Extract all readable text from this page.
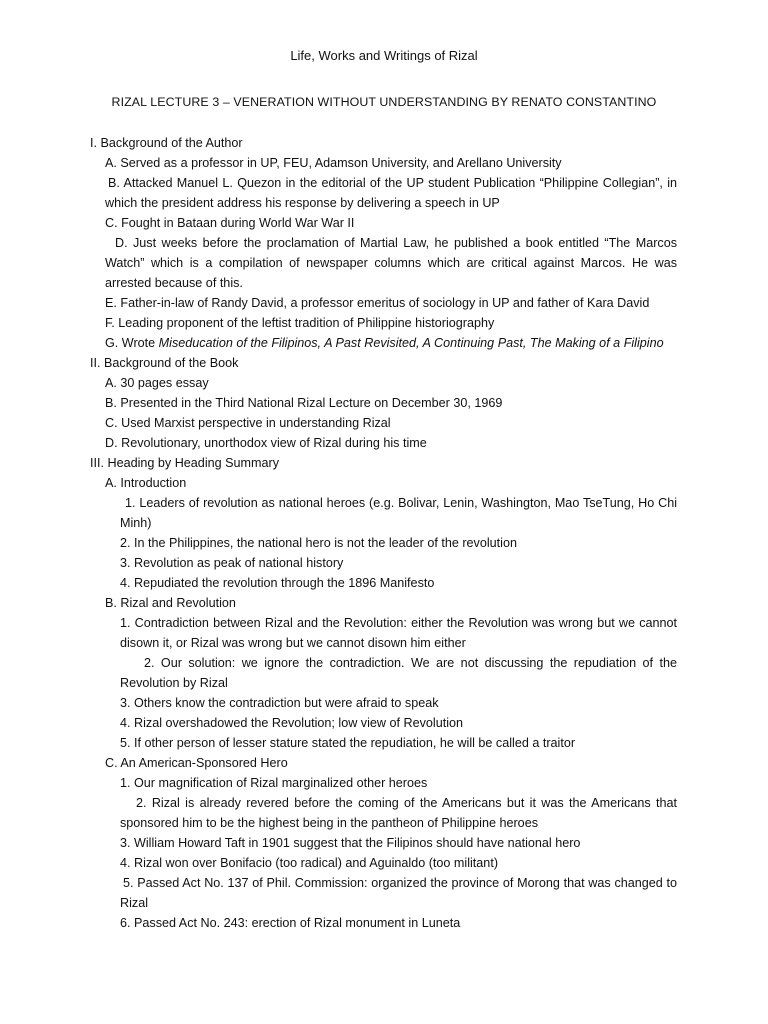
Life, Works and Writings of Rizal
RIZAL LECTURE 3 – VENERATION WITHOUT UNDERSTANDING BY RENATO CONSTANTINO
I. Background of the Author
A. Served as a professor in UP, FEU, Adamson University, and Arellano University
B. Attacked Manuel L. Quezon in the editorial of the UP student Publication “Philippine Collegian”, in which the president address his response by delivering a speech in UP
C. Fought in Bataan during World War War II
D. Just weeks before the proclamation of Martial Law, he published a book entitled “The Marcos Watch” which is a compilation of newspaper columns which are critical against Marcos. He was arrested because of this.
E. Father-in-law of Randy David, a professor emeritus of sociology in UP and father of Kara David
F. Leading proponent of the leftist tradition of Philippine historiography
G. Wrote Miseducation of the Filipinos, A Past Revisited, A Continuing Past, The Making of a Filipino
II. Background of the Book
A. 30 pages essay
B. Presented in the Third National Rizal Lecture on December 30, 1969
C. Used Marxist perspective in understanding Rizal
D. Revolutionary, unorthodox view of Rizal during his time
III. Heading by Heading Summary
A. Introduction
1. Leaders of revolution as national heroes (e.g. Bolivar, Lenin, Washington, Mao TseTung, Ho Chi Minh)
2. In the Philippines, the national hero is not the leader of the revolution
3. Revolution as peak of national history
4. Repudiated the revolution through the 1896 Manifesto
B. Rizal and Revolution
1. Contradiction between Rizal and the Revolution: either the Revolution was wrong but we cannot disown it, or Rizal was wrong but we cannot disown him either
2. Our solution: we ignore the contradiction. We are not discussing the repudiation of the Revolution by Rizal
3. Others know the contradiction but were afraid to speak
4. Rizal overshadowed the Revolution; low view of Revolution
5. If other person of lesser stature stated the repudiation, he will be called a traitor
C. An American-Sponsored Hero
1. Our magnification of Rizal marginalized other heroes
2. Rizal is already revered before the coming of the Americans but it was the Americans that sponsored him to be the highest being in the pantheon of Philippine heroes
3. William Howard Taft in 1901 suggest that the Filipinos should have national hero
4. Rizal won over Bonifacio (too radical) and Aguinaldo (too militant)
5. Passed Act No. 137 of Phil. Commission: organized the province of Morong that was changed to Rizal
6. Passed Act No. 243: erection of Rizal monument in Luneta
